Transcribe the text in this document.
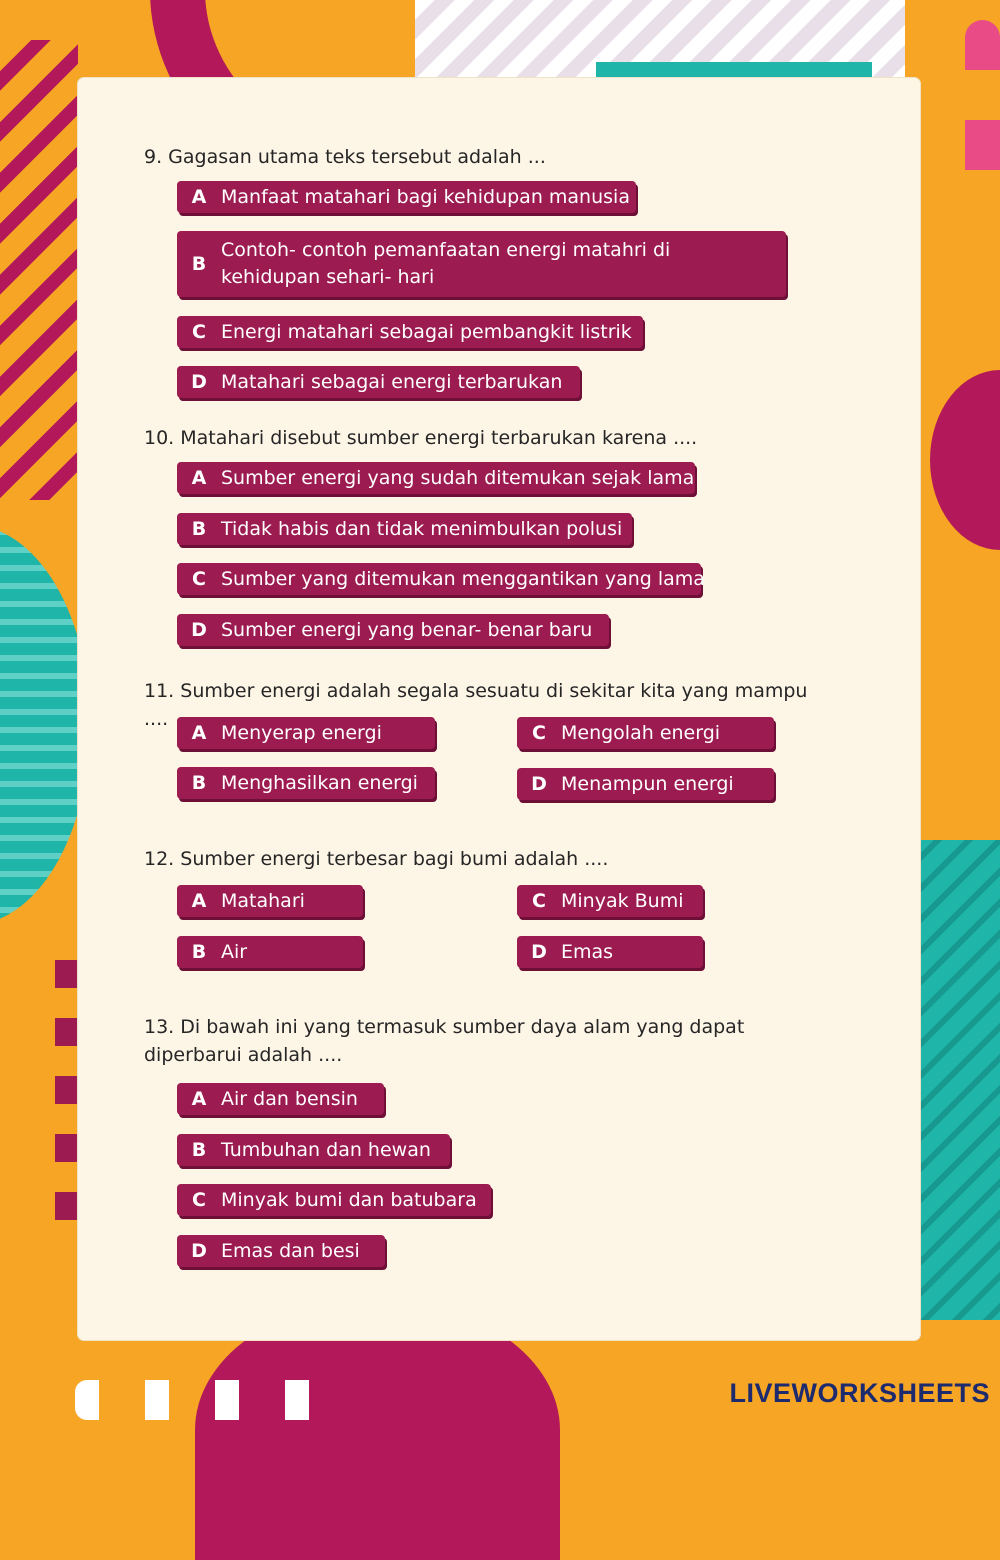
9. Gagasan utama teks tersebut adalah ...
A Manfaat matahari bagi kehidupan manusia
B
Contoh- contoh pemanfaatan energi matahri di kehidupan sehari- hari
C Energi matahari sebagai pembangkit listrik
D Matahari sebagai energi terbarukan
10. Matahari disebut sumber energi terbarukan karena ....
A Sumber energi yang sudah ditemukan sejak lama
B Tidak habis dan tidak menimbulkan polusi
C Sumber yang ditemukan menggantikan yang lama
D Sumber energi yang benar- benar baru
11. Sumber energi adalah segala sesuatu di sekitar kita yang mampu ....
A Menyerap energi
B Menghasilkan energi
C Mengolah energi
D Menampun energi
12. Sumber energi terbesar bagi bumi adalah ....
A Matahari
B Air
C Minyak Bumi
D Emas
13. Di bawah ini yang termasuk sumber daya alam yang dapat diperbarui adalah ....
A Air dan bensin
B Tumbuhan dan hewan
C Minyak bumi dan batubara
D Emas dan besi
LIVEWORKSHEETS
